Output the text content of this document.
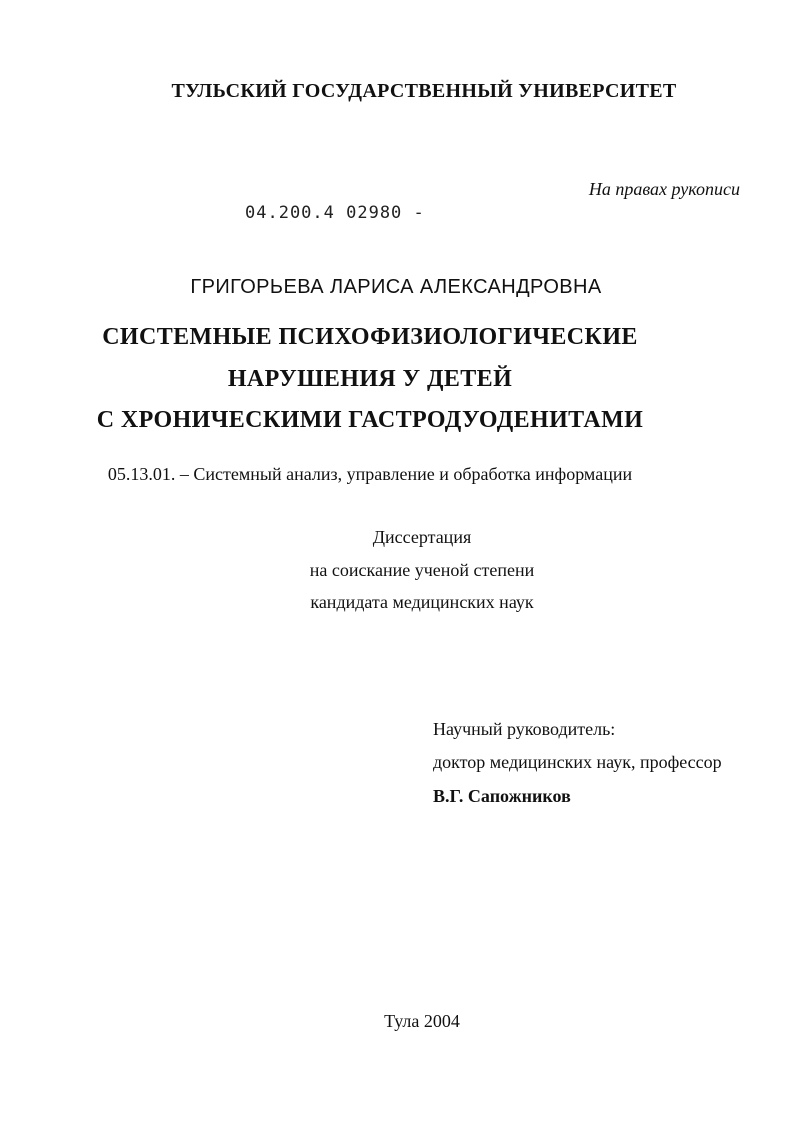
ТУЛЬСКИЙ ГОСУДАРСТВЕННЫЙ УНИВЕРСИТЕТ
На правах рукописи
04.200.4 02980 -
ГРИГОРЬЕВА ЛАРИСА АЛЕКСАНДРОВНА
СИСТЕМНЫЕ ПСИХОФИЗИОЛОГИЧЕСКИЕ
НАРУШЕНИЯ У ДЕТЕЙ
С ХРОНИЧЕСКИМИ ГАСТРОДУОДЕНИТАМИ
05.13.01. – Системный анализ, управление и обработка информации
Диссертация
на соискание ученой степени
кандидата медицинских наук
Научный руководитель:
доктор медицинских наук, профессор
В.Г. Сапожников
Тула 2004
